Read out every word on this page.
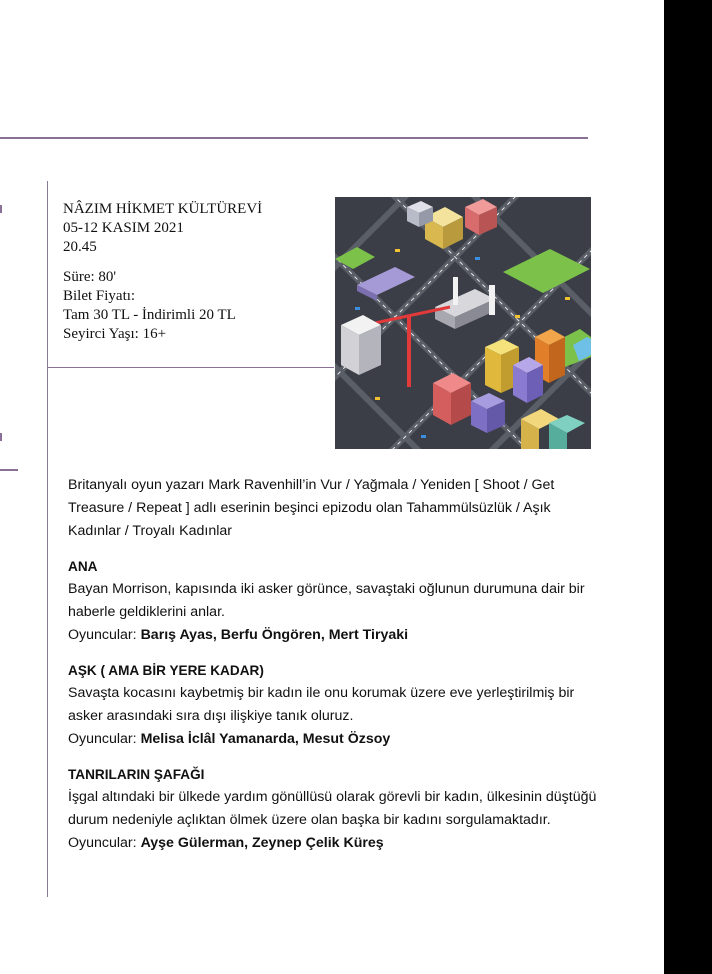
NÂZIM HİKMET KÜLTÜREVİ
05-12 KASIM 2021
20.45
Süre: 80'
Bilet Fiyatı:
Tam 30 TL - İndirimli 20 TL
Seyirci Yaşı: 16+

Britanyalı oyun yazarı Mark Ravenhill’in Vur / Yağmala / Yeniden [ Shoot / Get

Treasure / Repeat ] adlı eserinin beşinci epizodu olan Tahammülsüzlük / Aşık

Kadınlar / Troyalı Kadınlar

ANA

Bayan Morrison, kapısında iki asker görünce, savaştaki oğlunun durumuna dair bir

haberle geldiklerini anlar.

Oyuncular: Barış Ayas, Berfu Öngören, Mert Tiryaki

AŞK ( AMA BİR YERE KADAR)

Savaşta kocasını kaybetmiş bir kadın ile onu korumak üzere eve yerleştirilmiş bir

asker arasındaki sıra dışı ilişkiye tanık oluruz.

Oyuncular: Melisa İclâl Yamanarda, Mesut Özsoy

TANRILARIN ŞAFAĞI

İşgal altındaki bir ülkede yardım gönüllüsü olarak görevli bir kadın, ülkesinin düştüğü

durum nedeniyle açlıktan ölmek üzere olan başka bir kadını sorgulamaktadır.

Oyuncular: Ayşe Gülerman, Zeynep Çelik Küreş
